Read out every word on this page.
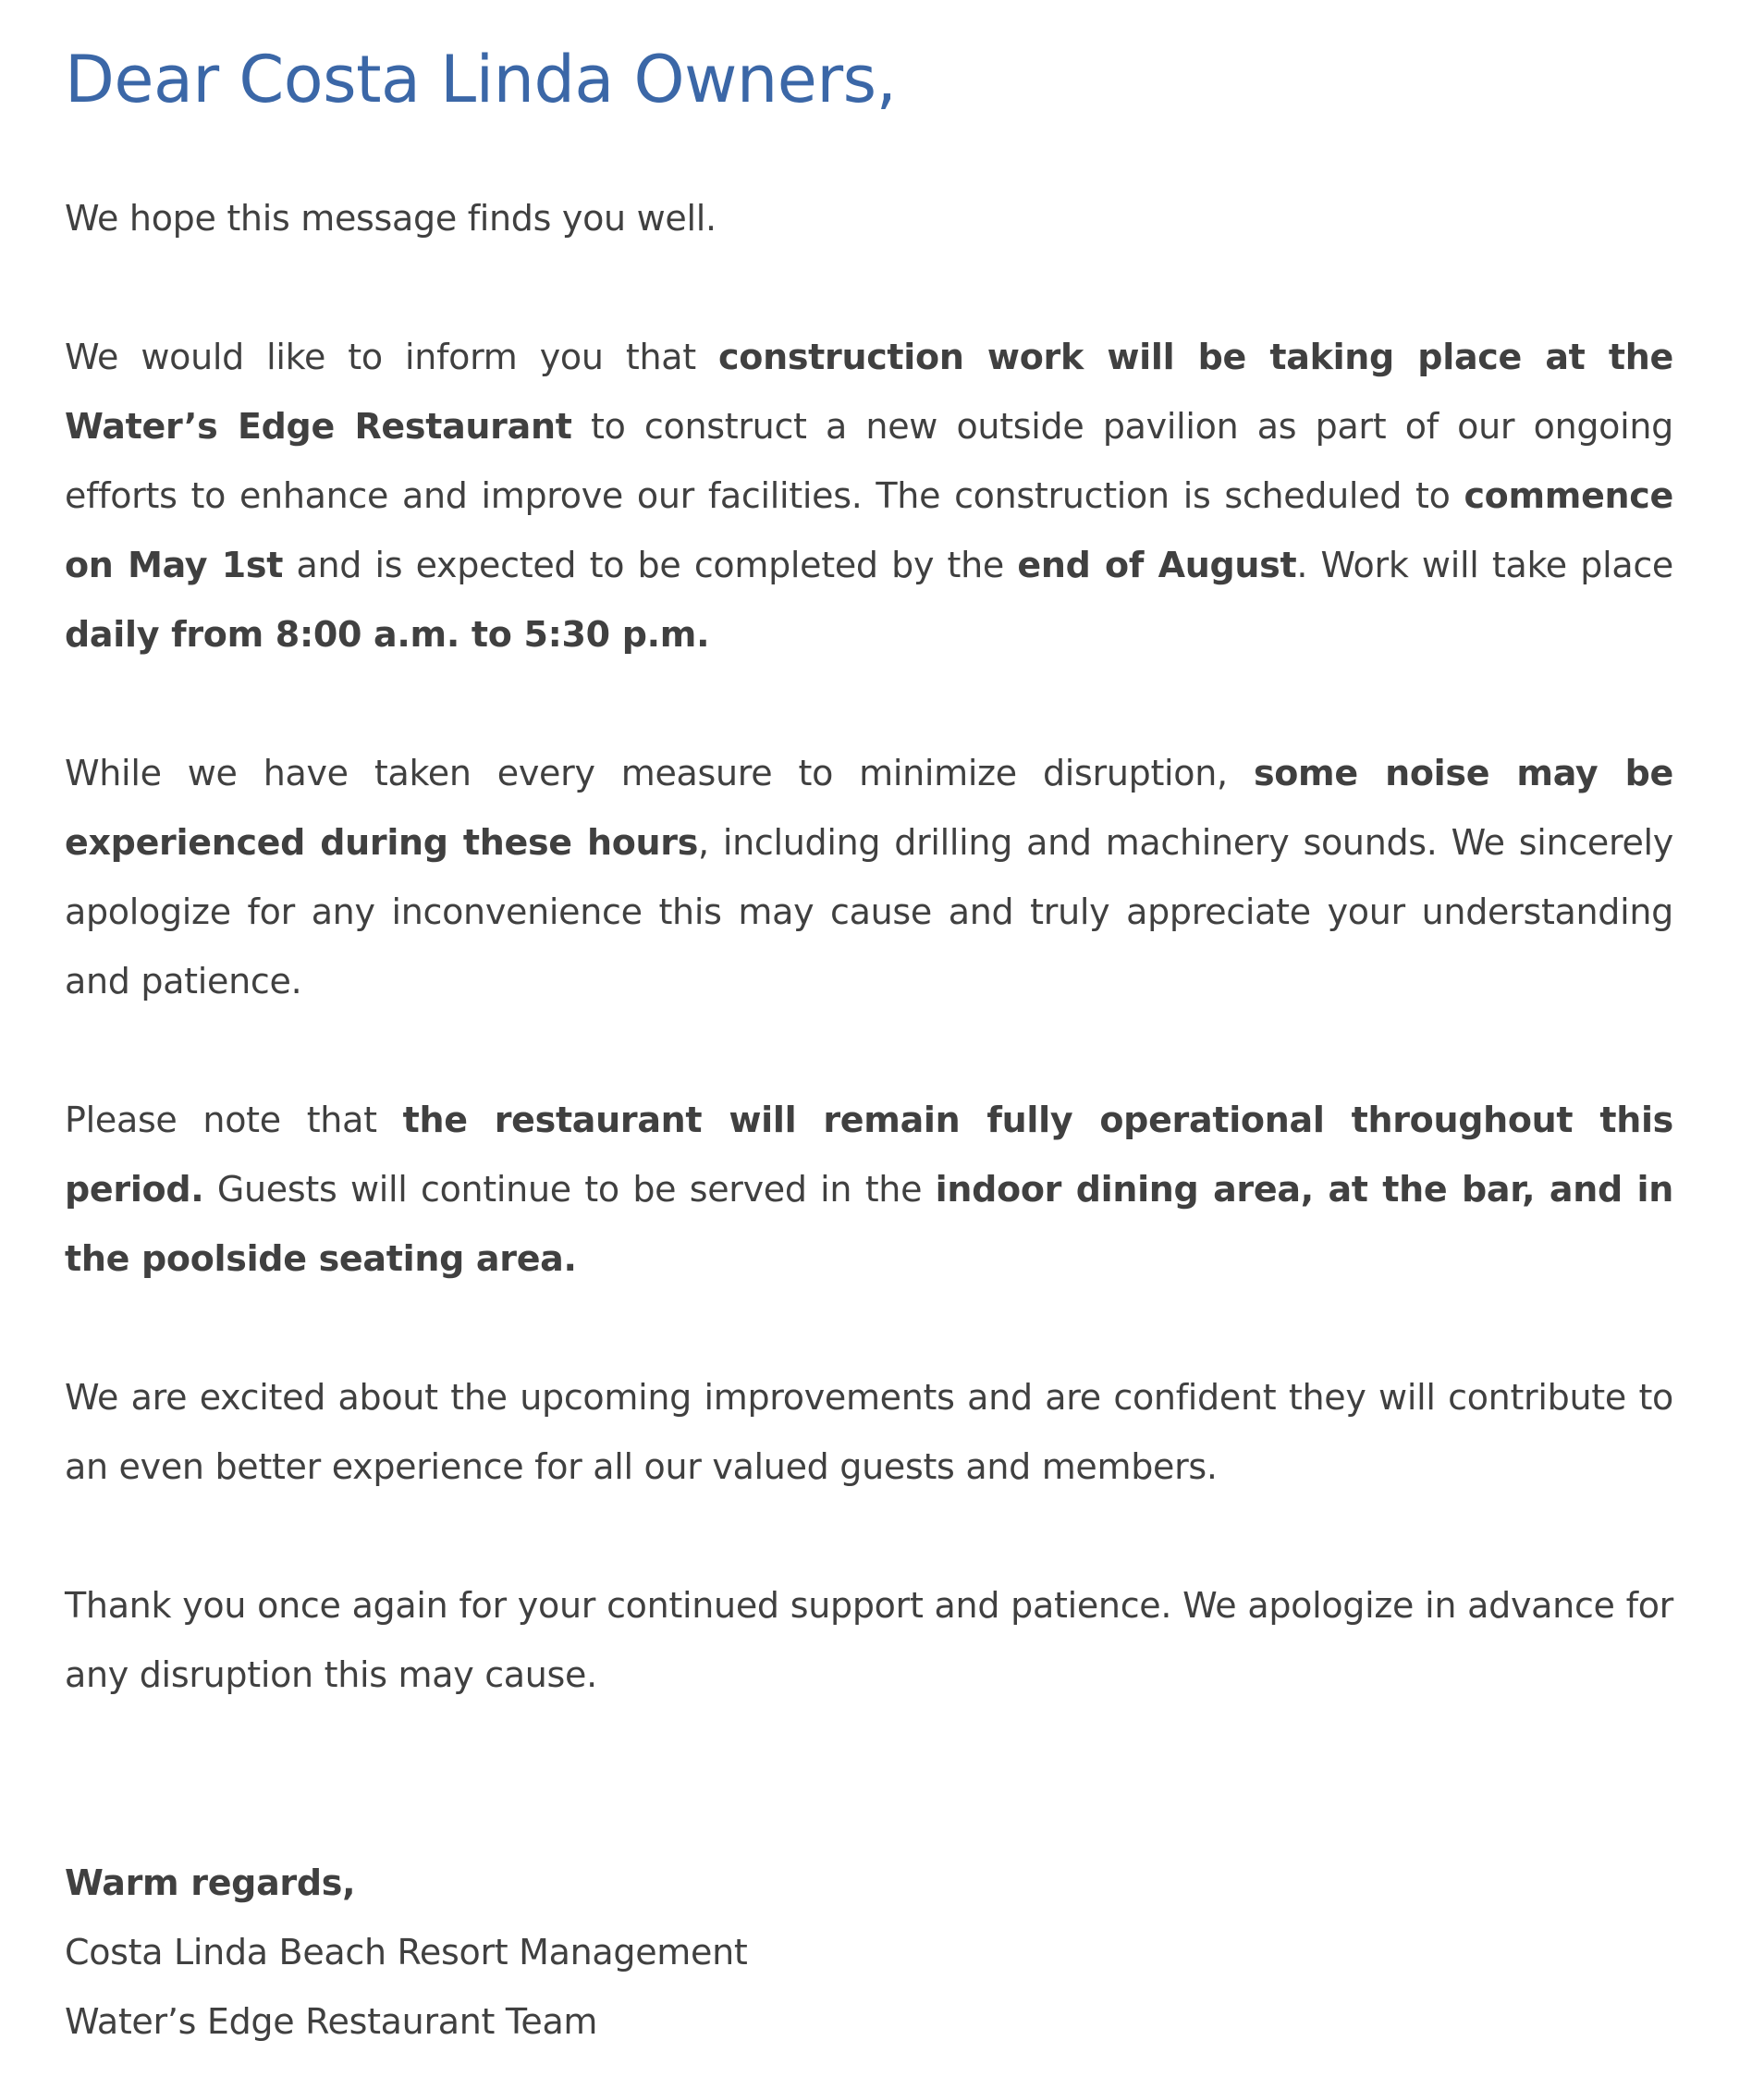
Dear Costa Linda Owners,

We hope this message finds you well.

We would like to inform you that construction work will be taking place at the Water’s Edge Restaurant to construct a new outside pavilion as part of our ongoing efforts to enhance and improve our facilities. The construction is scheduled to commence on May 1st and is expected to be completed by the end of August. Work will take place daily from 8:00 a.m. to 5:30 p.m.

While we have taken every measure to minimize disruption, some noise may be experienced during these hours, including drilling and machinery sounds. We sincerely apologize for any inconvenience this may cause and truly appreciate your understanding and patience.

Please note that the restaurant will remain fully operational throughout this period. Guests will continue to be served in the indoor dining area, at the bar, and in the poolside seating area.

We are excited about the upcoming improvements and are confident they will contribute to an even better experience for all our valued guests and members.

Thank you once again for your continued support and patience. We apologize in advance for any disruption this may cause.

Warm regards,

Costa Linda Beach Resort Management

Water’s Edge Restaurant Team
